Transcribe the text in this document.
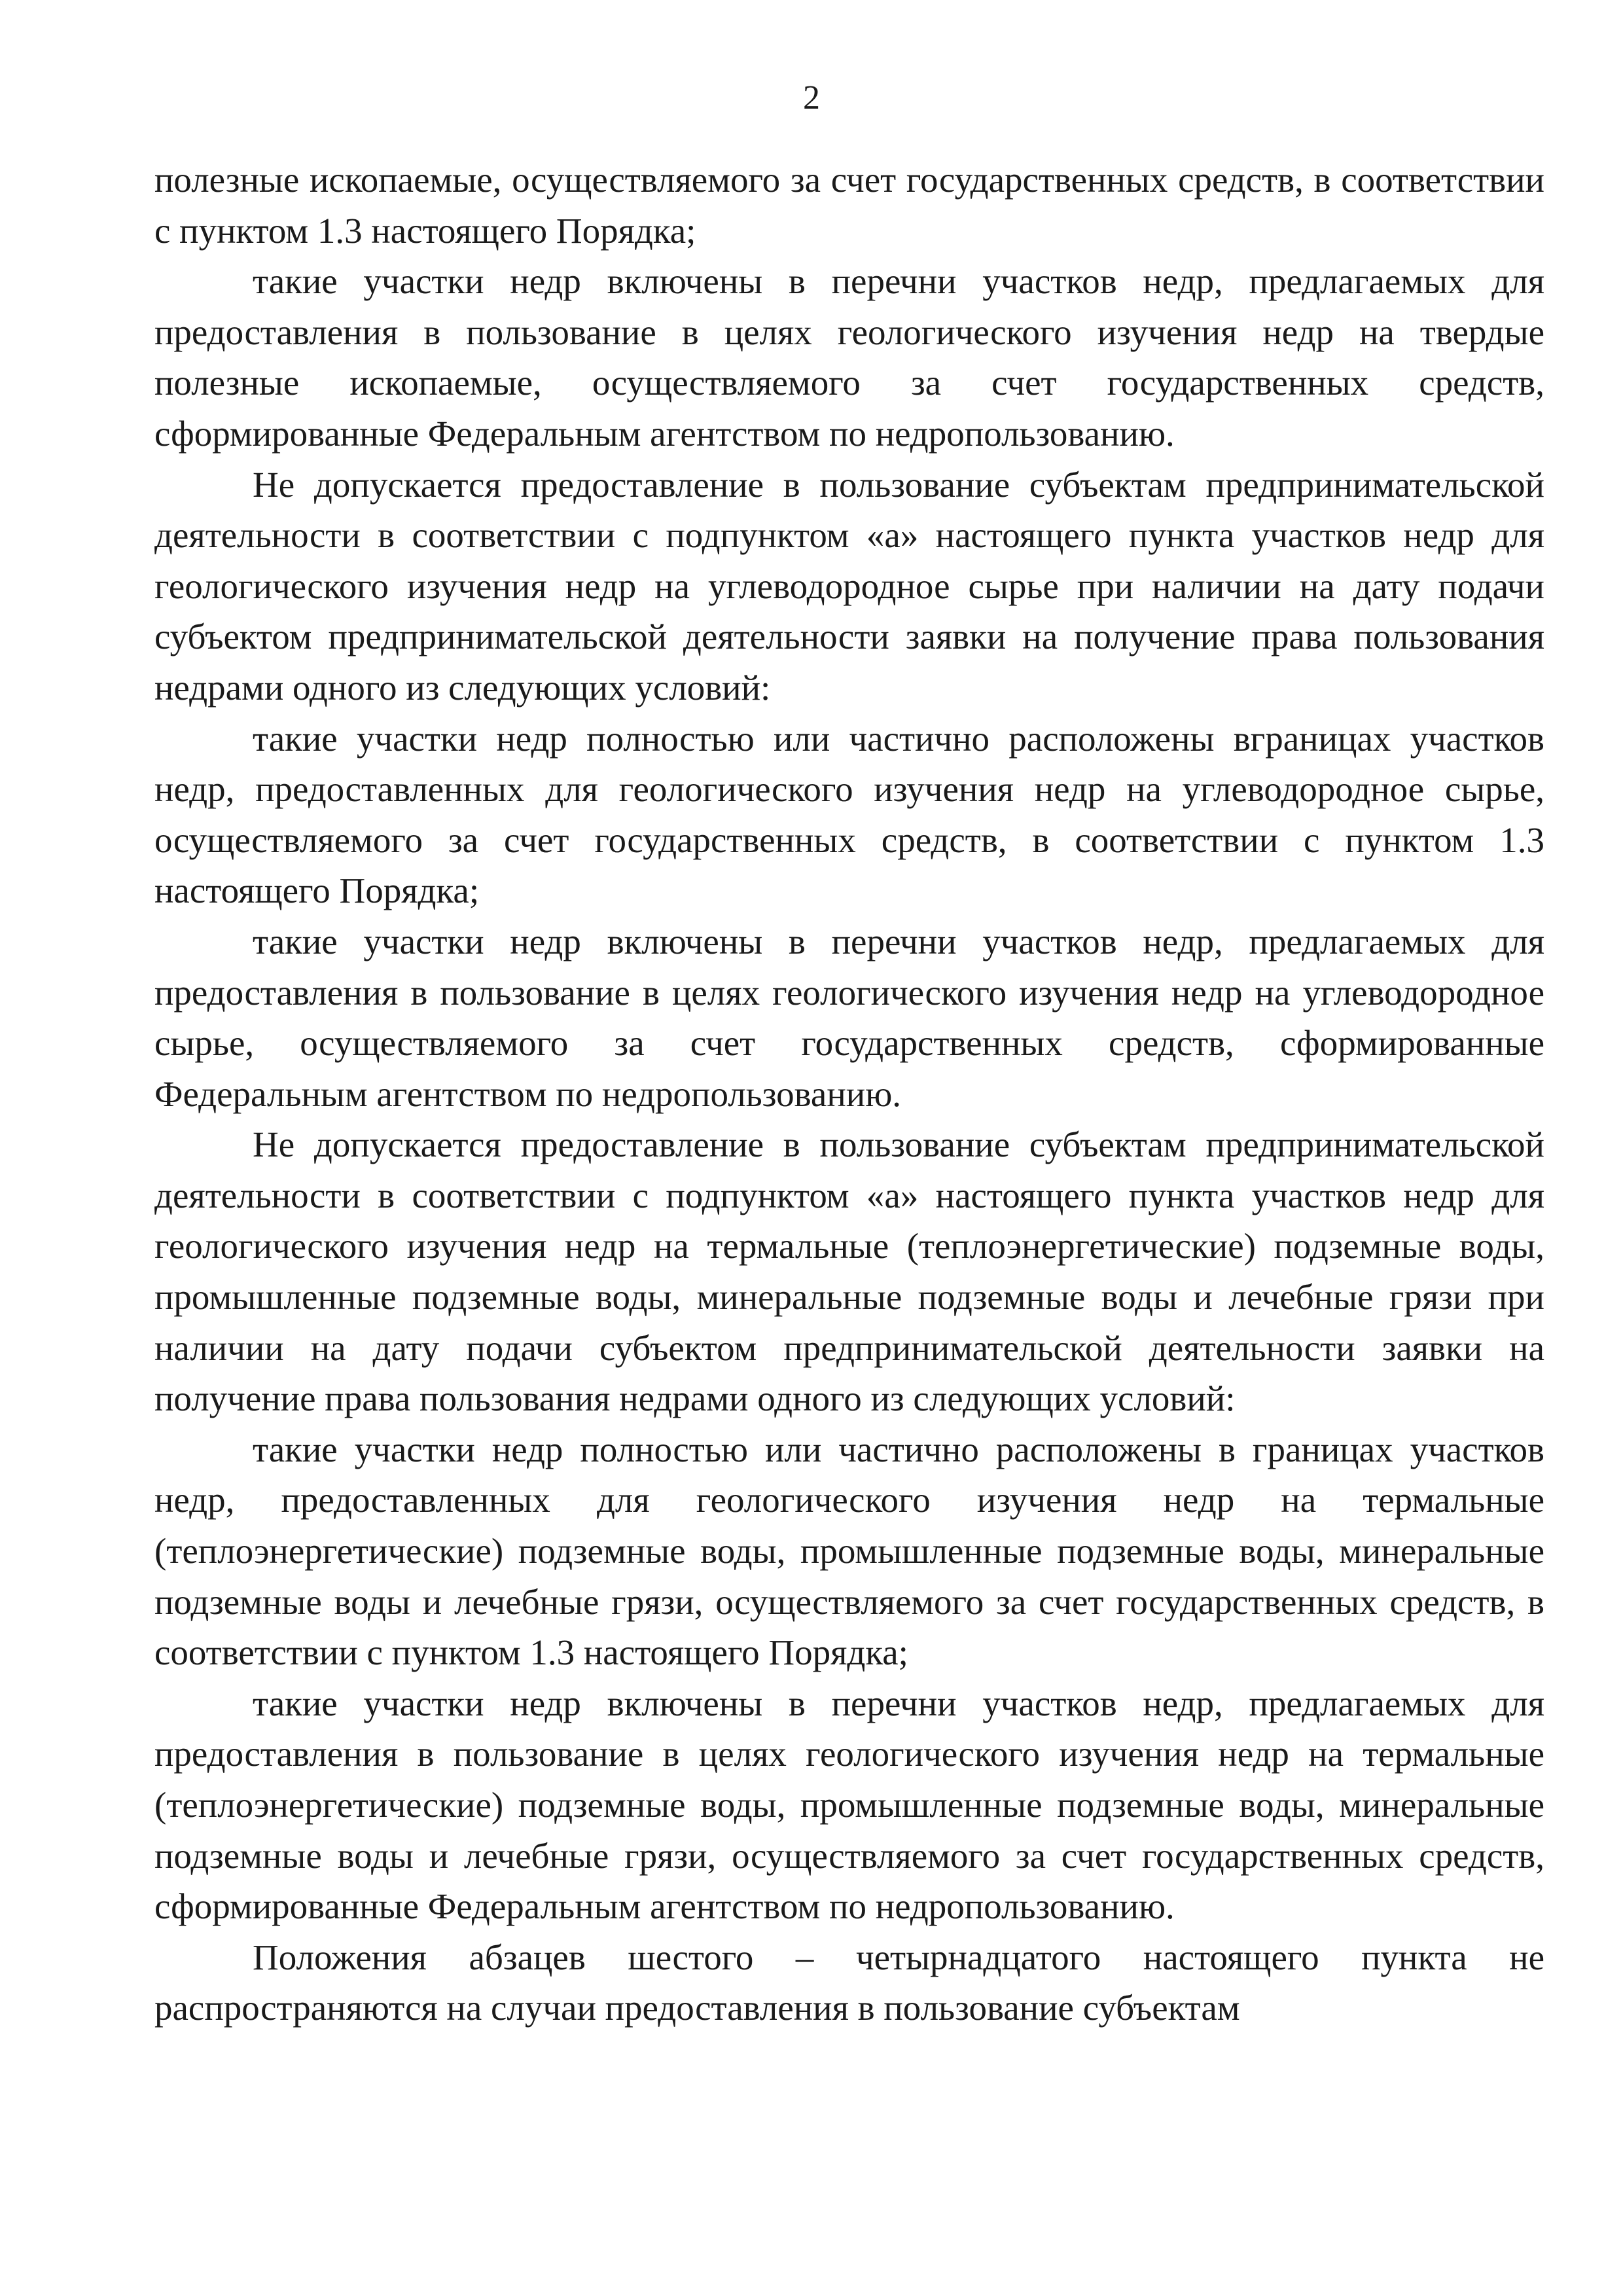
2

полезные ископаемые, осуществляемого за счет государственных средств, в соответствии с пунктом 1.3 настоящего Порядка;

такие участки недр включены в перечни участков недр, предлагаемых для предоставления в пользование в целях геологического изучения недр на твердые полезные ископаемые, осуществляемого за счет государственных средств, сформированные Федеральным агентством по недропользованию.

Не допускается предоставление в пользование субъектам предпринимательской деятельности в соответствии с подпунктом «а» настоящего пункта участков недр для геологического изучения недр на углеводородное сырье при наличии на дату подачи субъектом предпринимательской деятельности заявки на получение права пользования недрами одного из следующих условий:

такие участки недр полностью или частично расположены вграницах участков недр, предоставленных для геологического изучения недр на углеводородное сырье, осуществляемого за счет государственных средств, в соответствии с пунктом 1.3 настоящего Порядка;

такие участки недр включены в перечни участков недр, предлагаемых для предоставления в пользование в целях геологического изучения недр на углеводородное сырье, осуществляемого за счет государственных средств, сформированные Федеральным агентством по недропользованию.

Не допускается предоставление в пользование субъектам предпринимательской деятельности в соответствии с подпунктом «а» настоящего пункта участков недр для геологического изучения недр на термальные (теплоэнергетические) подземные воды, промышленные подземные воды, минеральные подземные воды и лечебные грязи при наличии на дату подачи субъектом предпринимательской деятельности заявки на получение права пользования недрами одного из следующих условий:

такие участки недр полностью или частично расположены в границах участков недр, предоставленных для геологического изучения недр на термальные (теплоэнергетические) подземные воды, промышленные подземные воды, минеральные подземные воды и лечебные грязи, осуществляемого за счет государственных средств, в соответствии с пунктом 1.3 настоящего Порядка;

такие участки недр включены в перечни участков недр, предлагаемых для предоставления в пользование в целях геологического изучения недр на термальные (теплоэнергетические) подземные воды, промышленные подземные воды, минеральные подземные воды и лечебные грязи, осуществляемого за счет государственных средств, сформированные Федеральным агентством по недропользованию.

Положения абзацев шестого – четырнадцатого настоящего пункта не распространяются на случаи предоставления в пользование субъектам
